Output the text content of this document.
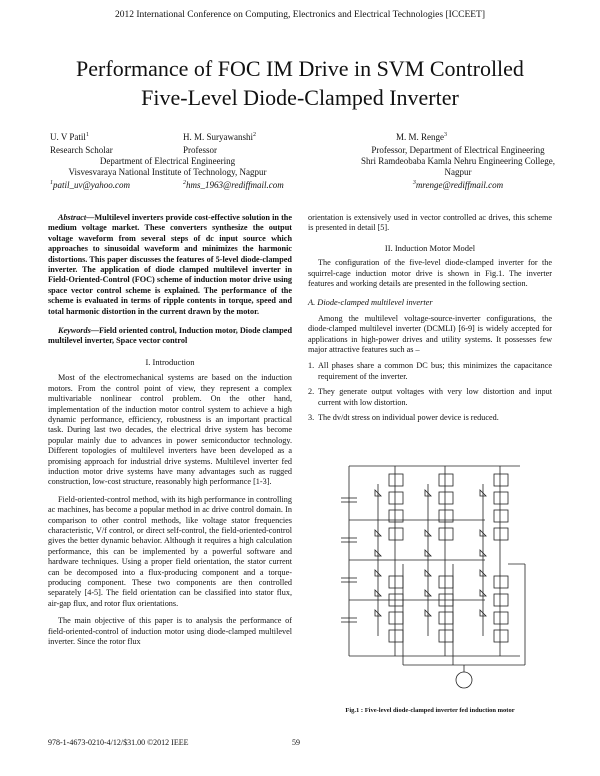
2012 International Conference on Computing, Electronics and Electrical Technologies [ICCEET]
Performance of FOC IM Drive in SVM Controlled
Five-Level Diode-Clamped Inverter
U. V Patil$^1$	H. M. Suryawanshi$^2$	M. M. Renge$^3$
Research Scholar	Professor	Professor, Department of Electrical Engineering
Department of Electrical Engineering	Shri Ramdeobaba Kamla Nehru Engineering College,
Visvesvaraya National Institute of Technology, Nagpur	Nagpur
$^1$patil_uv@yahoo.com	$^2$hms_1963@rediffmail.com	$^3$mrenge@rediffmail.com

Abstract—Multilevel inverters provide cost-effective solution in the medium voltage market. These converters synthesize the output voltage waveform from several steps of dc input source which approaches to sinusoidal waveform and minimizes the harmonic distortions. This paper discusses the features of 5-level diode-clamped inverter. The application of diode clamped multilevel inverter in Field-Oriented-Control (FOC) scheme of induction motor drive using space vector control scheme is explained. The performance of the scheme is evaluated in terms of ripple contents in torque, speed and total harmonic distortion in the current drawn by the motor.

Keywords—Field oriented control, Induction motor, Diode clamped multilevel inverter, Space vector control

I. Introduction

Most of the electromechanical systems are based on the induction motors. From the control point of view, they represent a complex multivariable nonlinear control problem. On the other hand, implementation of the induction motor control system to achieve a high dynamic performance, efficiency, robustness is an important practical task. During last two decades, the electrical drive system has become popular mainly due to advances in power semiconductor technology. Different topologies of multilevel inverters have been developed as a promising approach for industrial drive systems. Multilevel inverter fed induction motor drive systems have many advantages such as rugged construction, low-cost structure, reasonably high performance [1-3].

Field-oriented-control method, with its high performance in controlling ac machines, has become a popular method in ac drive control domain. In comparison to other control methods, like voltage stator frequencies characteristic, V/f control, or direct self-control, the field-oriented-control gives the better dynamic behavior. Although it requires a high calculation performance, this can be implemented by a powerful software and hardware techniques. Using a proper field orientation, the stator current can be decomposed into a flux-producing component and a torque-producing component. These two components are then controlled separately [4-5]. The field orientation can be classified into stator flux, air-gap flux, and rotor flux orientations.

The main objective of this paper is to analysis the performance of field-oriented-control of induction motor using diode-clamped multilevel inverter. Since the rotor flux

orientation is extensively used in vector controlled ac drives, this scheme is presented in detail [5].

II. Induction Motor Model

The configuration of the five-level diode-clamped inverter for the squirrel-cage induction motor drive is shown in Fig.1. The inverter features and working details are presented in the following section.

A. Diode-clamped multilevel inverter

Among the multilevel voltage-source-inverter configurations, the diode-clamped multilevel inverter (DCMLI) [6-9] is widely accepted for applications in high-power drives and utility systems. It possesses few major attractive features such as –

1. All phases share a common DC bus; this minimizes the capacitance requirement of the inverter.
2. They generate output voltages with very low distortion and input current with low distortion.
3. The dv/dt stress on individual power device is reduced.
Fig.1 : Five-level diode-clamped inverter fed induction motor
978-1-4673-0210-4/12/$31.00 ©2012 IEEE	59
